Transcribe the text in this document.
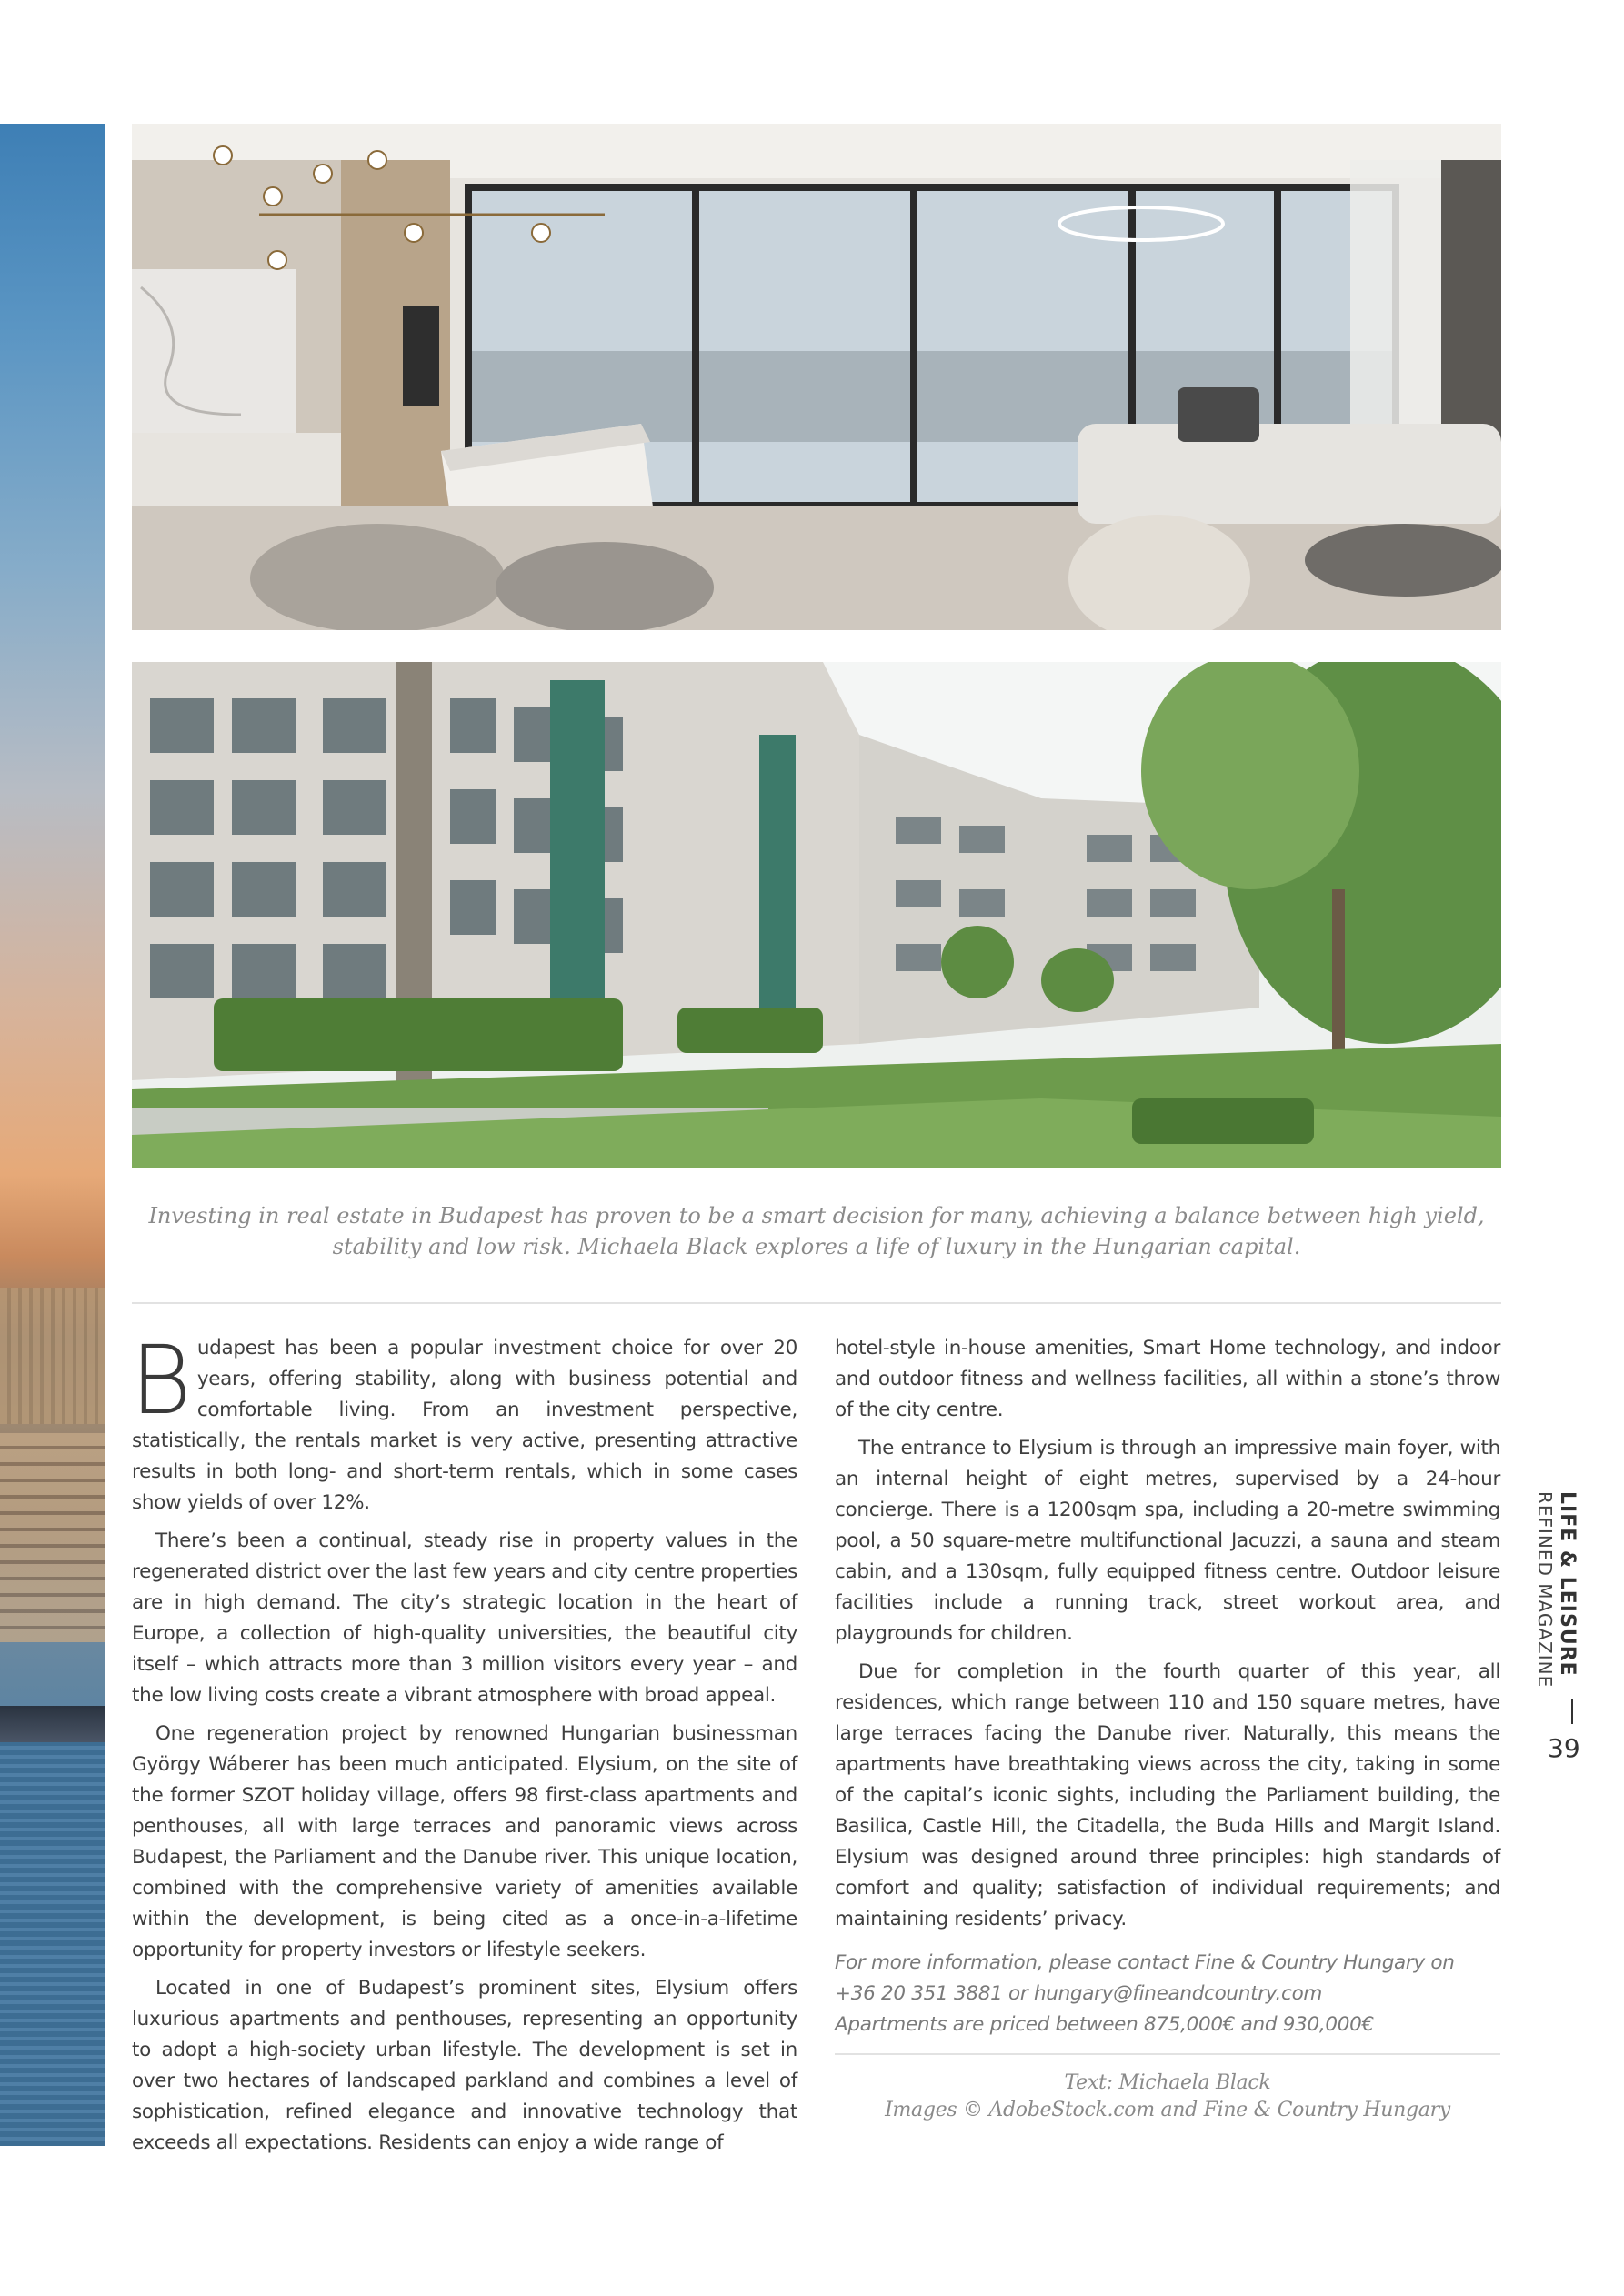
Investing in real estate in Budapest has proven to be a smart decision for many, achieving a balance between high yield,
stability and low risk. Michaela Black explores a life of luxury in the Hungarian capital.

Budapest has been a popular investment choice for over 20 years, offering stability, along with business potential and comfortable living. From an investment perspective, statistically, the rentals market is very active, presenting attractive results in both long- and short-term rentals, which in some cases show yields of over 12%.

There’s been a continual, steady rise in property values in the regenerated district over the last few years and city centre properties are in high demand. The city’s strategic location in the heart of Europe, a collection of high-quality universities, the beautiful city itself – which attracts more than 3 million visitors every year – and the low living costs create a vibrant atmosphere with broad appeal.

One regeneration project by renowned Hungarian businessman György Wáberer has been much anticipated. Elysium, on the site of the former SZOT holiday village, offers 98 first-class apartments and penthouses, all with large terraces and panoramic views across Budapest, the Parliament and the Danube river. This unique location, combined with the comprehensive variety of amenities available within the development, is being cited as a once-in-a-lifetime opportunity for property investors or lifestyle seekers.

Located in one of Budapest’s prominent sites, Elysium offers luxurious apartments and penthouses, representing an opportunity to adopt a high-society urban lifestyle. The development is set in over two hectares of landscaped parkland and combines a level of sophistication, refined elegance and innovative technology that exceeds all expectations. Residents can enjoy a wide range of

hotel-style in-house amenities, Smart Home technology, and indoor and outdoor fitness and wellness facilities, all within a stone’s throw of the city centre.

The entrance to Elysium is through an impressive main foyer, with an internal height of eight metres, supervised by a 24-hour concierge. There is a 1200sqm spa, including a 20-metre swimming pool, a 50 square-metre multifunctional Jacuzzi, a sauna and steam cabin, and a 130sqm, fully equipped fitness centre. Outdoor leisure facilities include a running track, street workout area, and playgrounds for children.

Due for completion in the fourth quarter of this year, all residences, which range between 110 and 150 square metres, have large terraces facing the Danube river. Naturally, this means the apartments have breathtaking views across the city, taking in some of the capital’s iconic sights, including the Parliament building, the Basilica, Castle Hill, the Citadella, the Buda Hills and Margit Island. Elysium was designed around three principles: high standards of comfort and quality; satisfaction of individual requirements; and maintaining residents’ privacy.

For more information, please contact Fine & Country Hungary on +36 20 351 3881 or hungary@fineandcountry.com
Apartments are priced between 875,000€ and 930,000€

Text: Michaela Black
Images © AdobeStock.com and Fine & Country Hungary
LIFE & LEISURE
REFINED MAGAZINE
39
